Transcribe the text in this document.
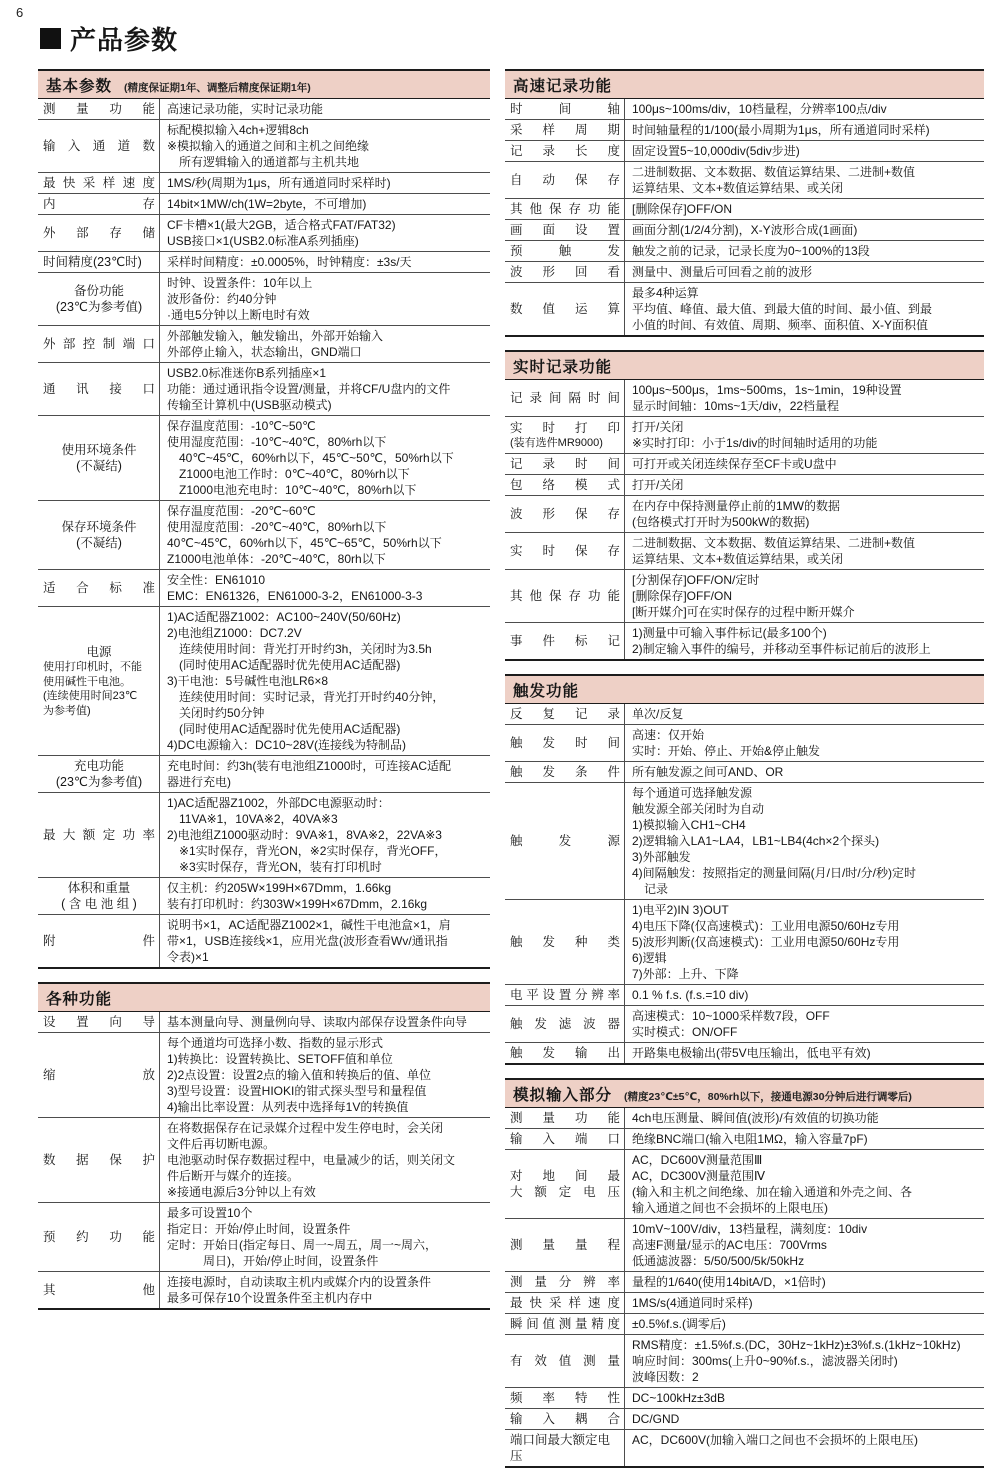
6
产品参数
基本参数 (精度保证期1年、调整后精度保证期1年)
测量功能 高速记录功能，实时记录功能
输入通道数
标配模拟输入4ch+逻辑8ch
※模拟输入的通道之间和主机之间绝缘
　所有逻辑输入的通道都与主机共地
最快采样速度 1MS/秒(周期为1μs，所有通道同时采样时)
内存 14bit×1MW/ch(1W=2byte，不可增加)
外部存储
CF卡槽×1(最大2GB，适合格式FAT/FAT32)
USB接口×1(USB2.0标准A系列插座)
时间精度(23℃时)	采样时间精度：±0.0005%，时钟精度：±3s/天
备份功能
(23℃为参考值)
时钟、设置条件：10年以上
波形备份：约40分钟
·通电5分钟以上断电时有效
外部控制端口
外部触发输入，触发输出，外部开始输入
外部停止输入，状态输出，GND端口
通讯接口
USB2.0标准迷你B系列插座×1
功能：通过通讯指令设置/测量，并将CF/U盘内的文件
传输至计算机中(USB驱动模式)
使用环境条件
(不凝结)
保存温度范围：-10℃~50℃
使用湿度范围：-10℃~40℃，80%rh以下
　40℃~45℃，60%rh以下，45℃~50℃，50%rh以下
　Z1000电池工作时：0℃~40℃，80%rh以下
　Z1000电池充电时：10℃~40℃，80%rh以下
保存环境条件
(不凝结)
保存温度范围：-20℃~60℃
使用湿度范围：-20℃~40℃，80%rh以下
40℃~45℃，60%rh以下，45℃~65℃，50%rh以下
Z1000电池单体：-20℃~40℃，80rh以下
适合标准
安全性：EN61010
EMC：EN61326，EN61000-3-2，EN61000-3-3
电源
使用打印机时，不能
使用碱性干电池。
(连续使用时间23℃
为参考值)
1)AC适配器Z1002：AC100~240V(50/60Hz)
2)电池组Z1000：DC7.2V
　连续使用时间：背光打开时约3h，关闭时为3.5h
　(同时使用AC适配器时优先使用AC适配器)
3)干电池：5号碱性电池LR6×8
　连续使用时间：实时记录，背光打开时约40分钟，
　关闭时约50分钟
　(同时使用AC适配器时优先使用AC适配器)
4)DC电源输入：DC10~28V(连接线为特制品)
充电功能
(23℃为参考值)
充电时间：约3h(装有电池组Z1000时，可连接AC适配
器进行充电)
最大额定功率
1)AC适配器Z1002，外部DC电源驱动时：
　11VA※1，10VA※2，40VA※3
2)电池组Z1000驱动时：9VA※1，8VA※2，22VA※3
　※1实时保存，背光ON，※2实时保存，背光OFF，
　※3实时保存，背光ON，装有打印机时
体积和重量
( 含 电 池 组 )
仅主机：约205W×199H×67Dmm，1.66kg
装有打印机时：约303W×199H×67Dmm，2.16kg
附件
说明书×1，AC适配器Z1002×1，碱性干电池盒×1，肩
带×1，USB连接线×1，应用光盘(波形查看Wv/通讯指
令表)×1
各种功能
设置向导 基本测量向导、测量例向导、读取内部保存设置条件向导
缩放
每个通道均可选择小数、指数的显示形式
1)转换比：设置转换比、SETOFF值和单位
2)2点设置：设置2点的输入值和转换后的值、单位
3)型号设置：设置HIOKI的钳式探头型号和量程值
4)输出比率设置：从列表中选择每1V的转换值
数据保护
在将数据保存在记录媒介过程中发生停电时，会关闭
文件后再切断电源。
电池驱动时保存数据过程中，电量减少的话，则关闭文
件后断开与媒介的连接。
※接通电源后3分钟以上有效
预约功能
最多可设置10个
指定日：开始/停止时间，设置条件
定时：开始日(指定每日、周一~周五，周一~周六，
　　　周日)，开始/停止时间，设置条件
其他
连接电源时，自动读取主机内或媒介内的设置条件
最多可保存10个设置条件至主机内存中
高速记录功能
时间轴 100μs~100ms/div，10档量程，分辨率100点/div
采样周期 时间轴量程的1/100(最小周期为1μs，所有通道同时采样)
记录长度 固定设置5~10,000div(5div步进)
自动保存
二进制数据、文本数据、数值运算结果、二进制+数值
运算结果、文本+数值运算结果、或关闭
其他保存功能 [删除保存]OFF/ON
画面设置 画面分割(1/2/4分割)，X-Y波形合成(1画面)
预触发 触发之前的记录，记录长度为0~100%的13段
波形回看 测量中、测量后可回看之前的波形
数值运算
最多4种运算
平均值、峰值、最大值、到最大值的时间、最小值、到最
小值的时间、有效值、周期、频率、面积值、X-Y面积值
实时记录功能
记录间隔时间
100μs~500μs，1ms~500ms，1s~1min，19种设置
显示时间轴：10ms~1天/div，22档量程
实时打印
(装有选件MR9000)
打开/关闭
※实时打印：小于1s/div的时间轴时适用的功能
记录时间 可打开或关闭连续保存至CF卡或U盘中
包络模式 打开/关闭
波形保存
在内存中保持测量停止前的1MW的数据
(包络模式打开时为500kW的数据)
实时保存
二进制数据、文本数据、数值运算结果、二进制+数值
运算结果、文本+数值运算结果，或关闭
其他保存功能
[分割保存]OFF/ON/定时
[删除保存]OFF/ON
[断开媒介]可在实时保存的过程中断开媒介
事件标记
1)测量中可输入事件标记(最多100个)
2)制定输入事件的编号，并移动至事件标记前后的波形上
触发功能
反复记录 单次/反复
触发时间
高速：仅开始
实时：开始、停止、开始&停止触发
触发条件 所有触发源之间可AND、OR
触发源
每个通道可选择触发源
触发源全部关闭时为自动
1)模拟输入CH1~CH4
2)逻辑输入LA1~LA4，LB1~LB4(4ch×2个探头)
3)外部触发
4)间隔触发：按照指定的测量间隔(月/日/时/分/秒)定时
　记录
触发种类
1)电平2)IN 3)OUT
4)电压下降(仅高速模式)：工业用电源50/60Hz专用
5)波形判断(仅高速模式)：工业用电源50/60Hz专用
6)逻辑
7)外部：上升、下降
电平设置分辨率 0.1 % f.s. (f.s.=10 div)
触发滤波器
高速模式：10~1000采样数7段，OFF
实时模式：ON/OFF
触发输出 开路集电极输出(带5V电压输出，低电平有效)
模拟输入部分 (精度23℃±5℃，80%rh以下，接通电源30分钟后进行调零后)
测量功能 4ch电压测量、瞬间值(波形)/有效值的切换功能
输入端口 绝缘BNC端口(输入电阻1MΩ，输入容量7pF)
对地间最
大额定电压
AC，DC600V测量范围Ⅲ
AC，DC300V测量范围Ⅳ
(输入和主机之间绝缘、加在输入通道和外壳之间、各
输入通道之间也不会损坏的上限电压)
测量量程
10mV~100V/div，13档量程，满刻度：10div
高速F测量/显示的AC电压：700Vrms
低通滤波器：5/50/500/5k/50kHz
测量分辨率 量程的1/640(使用14bitA/D，×1倍时)
最快采样速度 1MS/s(4通道同时采样)
瞬间值测量精度 ±0.5%f.s.(调零后)
有效值测量
RMS精度：±1.5%f.s.(DC，30Hz~1kHz)±3%f.s.(1kHz~10kHz)
响应时间：300ms(上升0~90%f.s.，滤波器关闭时)
波峰因数：2
频率特性 DC~100kHz±3dB
输入耦合 DC/GND
端口间最大额定电压
AC，DC600V(加输入端口之间也不会损坏的上限电压)
